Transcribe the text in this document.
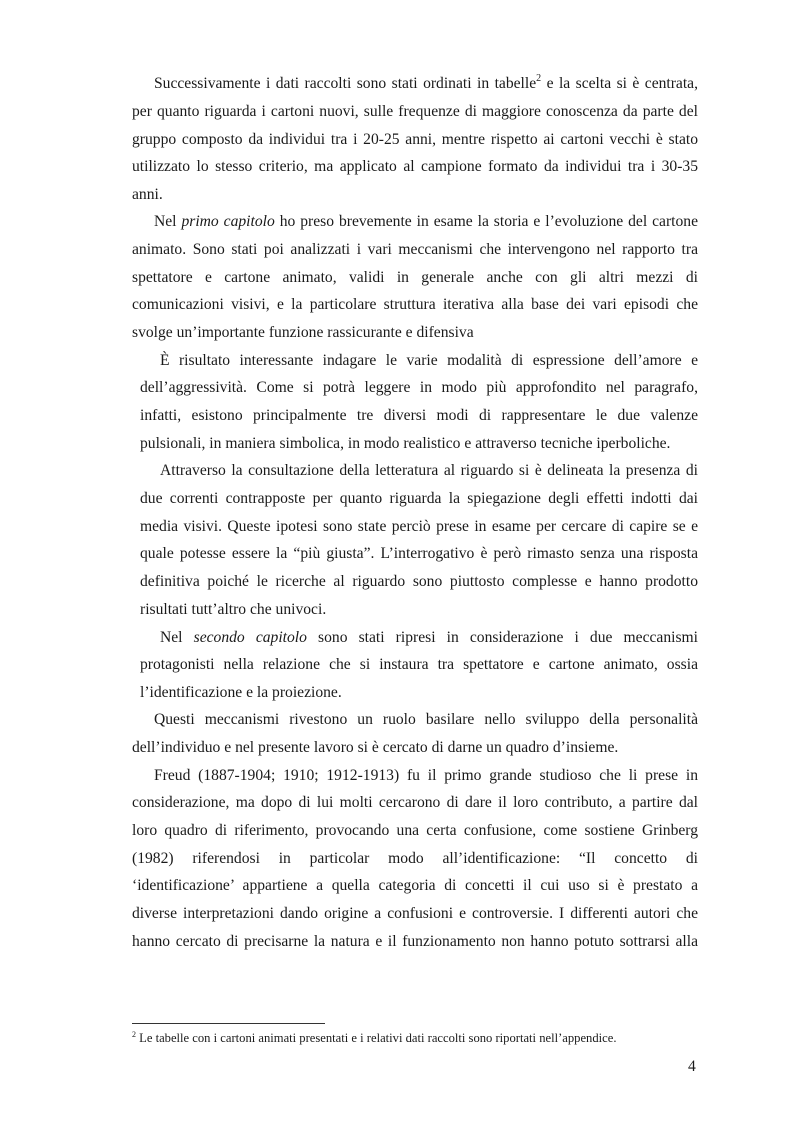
Successivamente i dati raccolti sono stati ordinati in tabelle$^2$ e la scelta si è centrata,

per quanto riguarda i cartoni nuovi, sulle frequenze di maggiore conoscenza da parte del

gruppo composto da individui tra i 20-25 anni, mentre rispetto ai cartoni vecchi è stato

utilizzato lo stesso criterio, ma applicato al campione formato da individui tra i 30-35

anni.

Nel primo capitolo ho preso brevemente in esame la storia e l’evoluzione del cartone

animato. Sono stati poi analizzati i vari meccanismi che intervengono nel rapporto tra

spettatore e cartone animato, validi in generale anche con gli altri mezzi di

comunicazioni visivi, e la particolare struttura iterativa alla base dei vari episodi che

svolge un’importante funzione rassicurante e difensiva

È risultato interessante indagare le varie modalità di espressione dell’amore e

dell’aggressività. Come si potrà leggere in modo più approfondito nel paragrafo,

infatti, esistono principalmente tre diversi modi di rappresentare le due valenze

pulsionali, in maniera simbolica, in modo realistico e attraverso tecniche iperboliche.

Attraverso la consultazione della letteratura al riguardo si è delineata la presenza di

due correnti contrapposte per quanto riguarda la spiegazione degli effetti indotti dai

media visivi. Queste ipotesi sono state perciò prese in esame per cercare di capire se e

quale potesse essere la “più giusta”. L’interrogativo è però rimasto senza una risposta

definitiva poiché le ricerche al riguardo sono piuttosto complesse e hanno prodotto

risultati tutt’altro che univoci.

Nel secondo capitolo sono stati ripresi in considerazione i due meccanismi

protagonisti nella relazione che si instaura tra spettatore e cartone animato, ossia

l’identificazione e la proiezione.

Questi meccanismi rivestono un ruolo basilare nello sviluppo della personalità

dell’individuo e nel presente lavoro si è cercato di darne un quadro d’insieme.

Freud (1887-1904; 1910; 1912-1913) fu il primo grande studioso che li prese in

considerazione, ma dopo di lui molti cercarono di dare il loro contributo, a partire dal

loro quadro di riferimento, provocando una certa confusione, come sostiene Grinberg

(1982) riferendosi in particolar modo all’identificazione: “Il concetto di

‘identificazione’ appartiene a quella categoria di concetti il cui uso si è prestato a

diverse interpretazioni dando origine a confusioni e controversie. I differenti autori che

hanno cercato di precisarne la natura e il funzionamento non hanno potuto sottrarsi alla

$^2$ Le tabelle con i cartoni animati presentati e i relativi dati raccolti sono riportati nell’appendice.

4
